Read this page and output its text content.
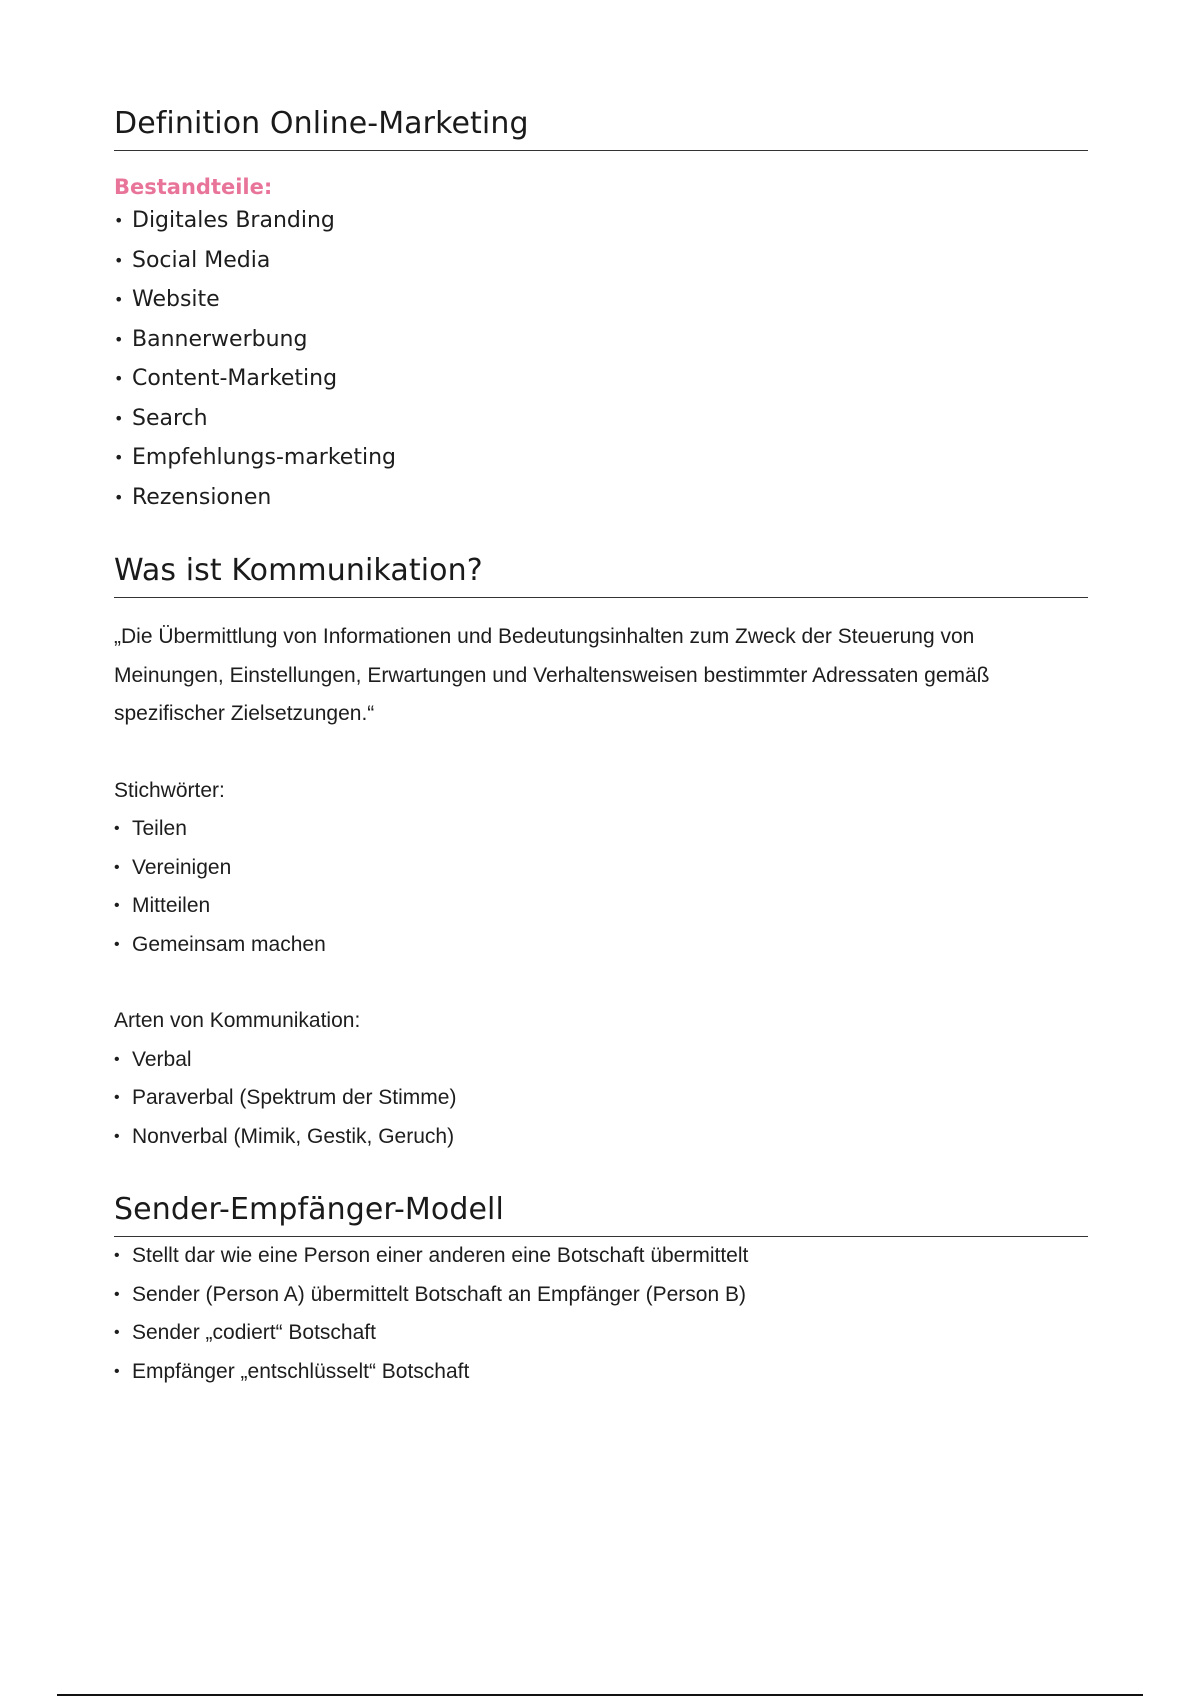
Definition Online-Marketing
Bestandteile:
• Digitales Branding
• Social Media
• Website
• Bannerwerbung
• Content-Marketing
• Search
• Empfehlungs-marketing
• Rezensionen
Was ist Kommunikation?

„Die Übermittlung von Informationen und Bedeutungsinhalten zum Zweck der Steuerung von Meinungen, Einstellungen, Erwartungen und Verhaltensweisen bestimmter Adressaten gemäß spezifischer Zielsetzungen.“

Stichwörter:
• Teilen
• Vereinigen
• Mitteilen
• Gemeinsam machen
Arten von Kommunikation:
• Verbal
• Paraverbal (Spektrum der Stimme)
• Nonverbal (Mimik, Gestik, Geruch)
Sender-Empfänger-Modell
• Stellt dar wie eine Person einer anderen eine Botschaft übermittelt
• Sender (Person A) übermittelt Botschaft an Empfänger (Person B)
• Sender „codiert“ Botschaft
• Empfänger „entschlüsselt“ Botschaft
